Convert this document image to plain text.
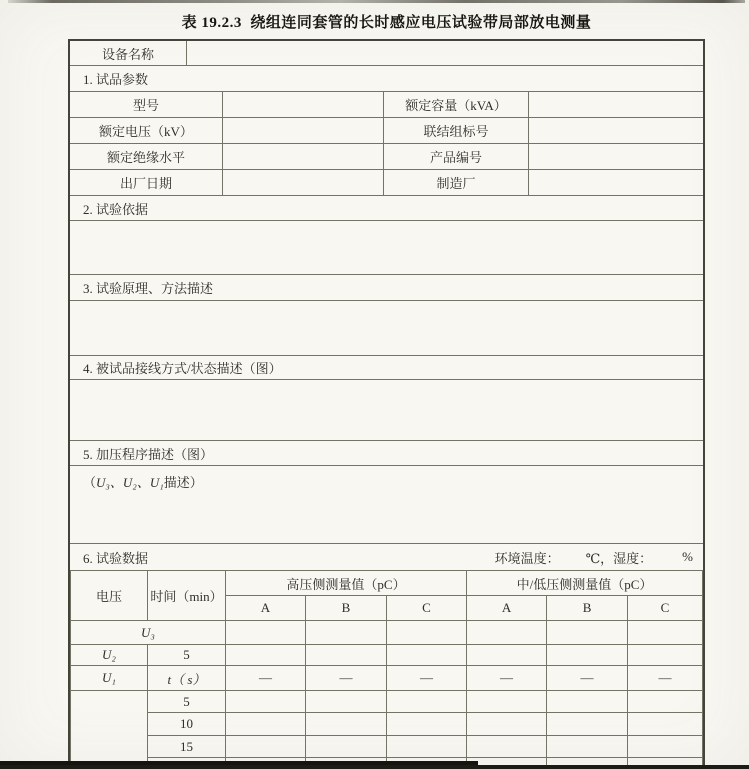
表 19.2.3  绕组连同套管的长时感应电压试验带局部放电测量
设备名称
1. 试品参数
型号	额定容量（kVA）
额定电压（kV）	联结组标号
额定绝缘水平	产品编号
出厂日期	制造厂
2. 试验依据
3. 试验原理、方法描述
4. 被试品接线方式/状态描述（图）
5. 加压程序描述（图）
（ U₃、U₂、U₁ 描述）
6. 试验数据	环境温度： ℃， 湿度： %
电压	时间（min）	高压侧测量值（pC）			中/低压侧测量值（pC）		
		A	B	C	A	B	C
U₃							
U₂	5						
U₁	t（ s）	—	—	—	—	—	—
	5						
	10						
	15						
